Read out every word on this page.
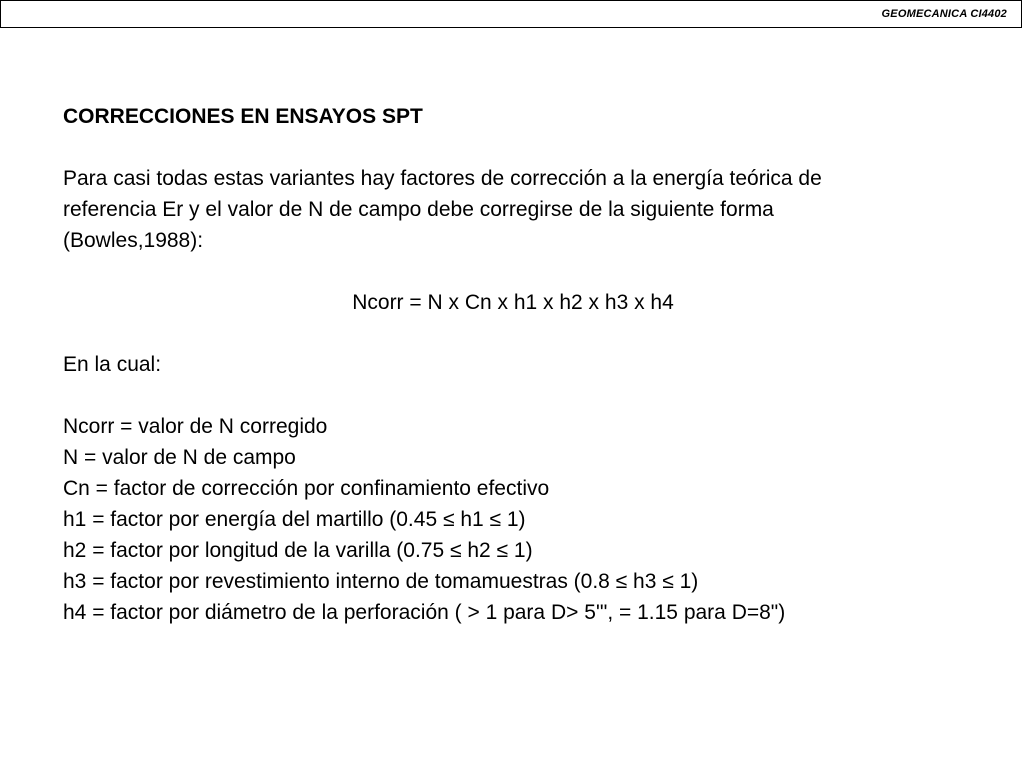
GEOMECANICA CI4402
CORRECCIONES EN ENSAYOS SPT
Para casi todas estas variantes hay factores de corrección a la energía teórica de
referencia Er y el valor de N de campo debe corregirse de la siguiente forma
(Bowles,1988):
Ncorr = N x Cn x h1 x h2 x h3 x h4
En la cual:
Ncorr = valor de N corregido
N = valor de N de campo
Cn = factor de corrección por confinamiento efectivo
h1 = factor por energía del martillo (0.45 ≤ h1 ≤ 1)
h2 = factor por longitud de la varilla (0.75 ≤ h2 ≤ 1)
h3 = factor por revestimiento interno de tomamuestras (0.8 ≤ h3 ≤ 1)
h4 = factor por diámetro de la perforación ( > 1 para D> 5'", = 1.15 para D=8")
